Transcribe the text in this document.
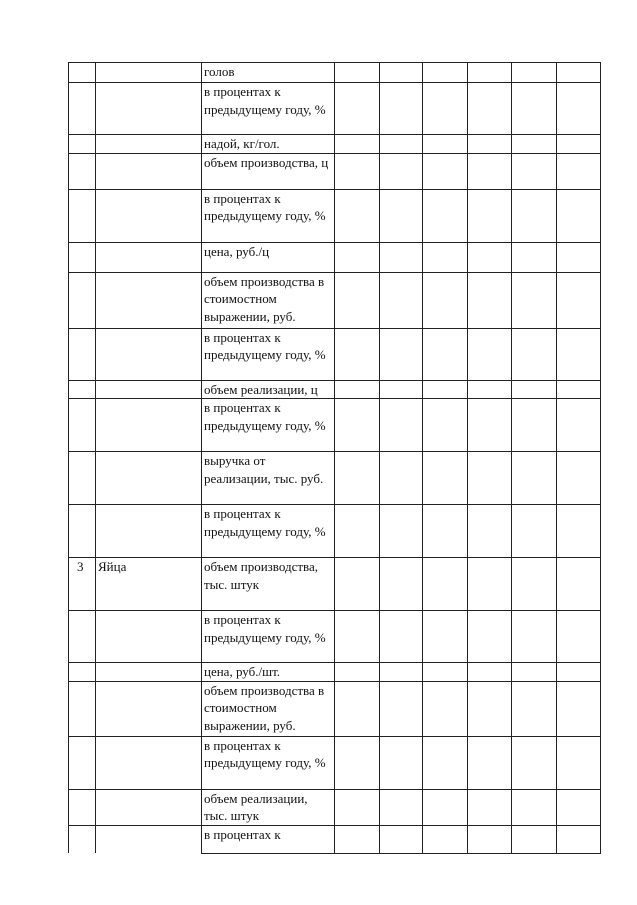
		голов						
		в процентах к предыдущему году, %						
		надой, кг/гол.						
		объем производства, ц						
		в процентах к предыдущему году, %						
		цена, руб./ц						
		объем производства в стоимостном выражении, руб.						
		в процентах к предыдущему году, %						
		объем реализации, ц						
		в процентах к предыдущему году, %						
		выручка от реализации, тыс. руб.						
		в процентах к предыдущему году, %						
3	Яйца	объем производства, тыс. штук						
		в процентах к предыдущему году, %						
		цена, руб./шт.						
		объем производства в стоимостном выражении, руб.						
		в процентах к предыдущему году, %						
		объем реализации, тыс. штук						
		в процентах к						
